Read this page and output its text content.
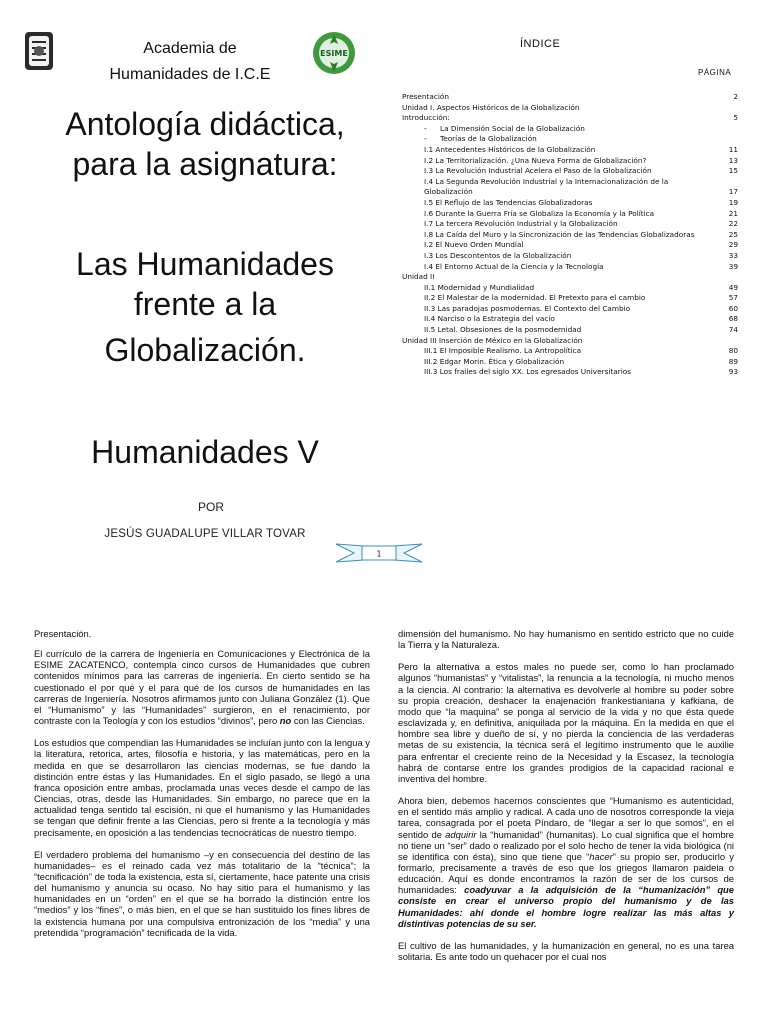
Academia de
Humanidades de I.C.E
ESIME
Antología didáctica,
para la asignatura:
Las Humanidades
frente a la
Globalización.
Humanidades V
POR
JESÚS GUADALUPE VILLAR TOVAR
1
ÍNDICE
PÁGINA
Presentación	2
Unidad I. Aspectos Históricos de la Globalización
Introducción:	5
- La Dimensión Social de la Globalización
- Teorías de la Globalización
I.1 Antecedentes Históricos de la Globalización	11
I.2 La Territorialización. ¿Una Nueva Forma de Globalización?	13
I.3 La Revolución Industrial Acelera el Paso de la Globalización	15
I.4 La Segunda Revolución Industrial y la Internacionalización de la Globalización	17
I.5 El Reflujo de las Tendencias Globalizadoras	19
I.6 Durante la Guerra Fría se Globaliza la Economía y la Política	21
I.7 La tercera Revolución Industrial y la Globalización	22
I.8 La Caída del Muro y la Sincronización de las Tendencias Globalizadoras	25
I.2 El Nuevo Orden Mundial	29
I.3 Los Descontentos de la Globalización	33
I.4 El Entorno Actual de la Ciencia y la Tecnología	39
Unidad II
II.1 Modernidad y Mundialidad	49
II.2 El Malestar de la modernidad. El Pretexto para el cambio	57
II.3 Las paradojas posmodernas. El Contexto del Cambio	60
II.4 Narciso o la Estrategia del vacío	68
II.5 Letal. Obsesiones de la posmodernidad	74
Unidad III Inserción de México en la Globalización
III.1 El Imposible Realismo. La Antropolítica	80
III.2 Edgar Morin. Ética y Globalización	89
III.3 Los frailes del siglo XX. Los egresados Universitarios	93

Presentación.

El currículo de la carrera de Ingeniería en Comunicaciones y Electrónica de la ESIME ZACATENCO, contempla cinco cursos de Humanidades que cubren contenidos mínimos para las carreras de ingeniería. En cierto sentido se ha cuestionado el por qué y el para qué de los cursos de humanidades en las carreras de Ingeniería. Nosotros afirmamos junto con Juliana González (1). Que el “Humanismo” y las “Humanidades” surgieron, en el renacimiento, por contraste con la Teología y con los estudios “divinos”, pero no con las Ciencias.

Los estudios que compendian las Humanidades se incluían junto con la lengua y la literatura, retorica, artes, filosofía e historia, y las matemáticas, pero en la medida en que se desarrollaron las ciencias modernas, se fue dando la distinción entre éstas y las Humanidades. En el siglo pasado, se llegó a una franca oposición entre ambas, proclamada unas veces desde el campo de las Ciencias, otras, desde las Humanidades. Sin embargo, no parece que en la actualidad tenga sentido tal escisión, ni que el humanismo y las Humanidades se tengan que definir frente a las Ciencias, pero si frente a la tecnología y más precisamente, en oposición a las tendencias tecnocráticas de nuestro tiempo.

El verdadero problema del humanismo –y en consecuencia del destino de las humanidades– es el reinado cada vez más totalitario de la “técnica”; la “tecnificación” de toda la existencia, esta sí, ciertamente, hace patente una crisis del humanismo y anuncia su ocaso. No hay sitio para el humanismo y las humanidades en un “orden” en el que se ha borrado la distinción entre los “medios” y los “fines”, o más bien, en el que se han sustituido los fines libres de la existencia humana por una compulsiva entronización de los “media” y una pretendida “programación” tecnificada de la vida.

dimensión del humanismo. No hay humanismo en sentido estricto que no cuide la Tierra y la Naturaleza.

Pero la alternativa a estos males no puede ser, como lo han proclamado algunos “humanistas” y “vitalistas”, la renuncia a la tecnología, ni mucho menos a la ciencia. Al contrario: la alternativa es devolverle al hombre su poder sobre su propia creación, deshacer la enajenación frankestianiana y kafkiana, de modo que “la maquina” se ponga al servicio de la vida y no que ésta quede esclavizada y, en definitiva, aniquilada por la máquina. En la medida en que el hombre sea libre y dueño de sí, y no pierda la conciencia de las verdaderas metas de su existencia, la técnica será el legítimo instrumento que le auxilie para enfrentar el creciente reino de la Necesidad y la Escasez, la tecnología habrá de contarse entre los grandes prodigios de la capacidad racional e inventiva del hombre.

Ahora bien, debemos hacernos conscientes que “Humanismo es autenticidad, en el sentido más amplio y radical. A cada uno de nosotros corresponde la vieja tarea, consagrada por el poeta Píndaro, de “llegar a ser lo que somos”, en el sentido de adquirir la “humanidad” (humanitas). Lo cual significa que el hombre no tiene un “ser” dado o realizado por el solo hecho de tener la vida biológica (ni se identifica con ésta), sino que tiene que “hacer” su propio ser, producirlo y formarlo, precisamente a través de eso que los griegos llamaron paideia o educación. Aquí es donde encontramos la razón de ser de los cursos de humanidades: coadyuvar a la adquisición de la “humanización” que consiste en crear el universo propio del humanismo y de las Humanidades: ahí donde el hombre logre realizar las más altas y distintivas potencias de su ser.

El cultivo de las humanidades, y la humanización en general, no es una tarea solitaria. Es ante todo un quehacer por el cual nos
